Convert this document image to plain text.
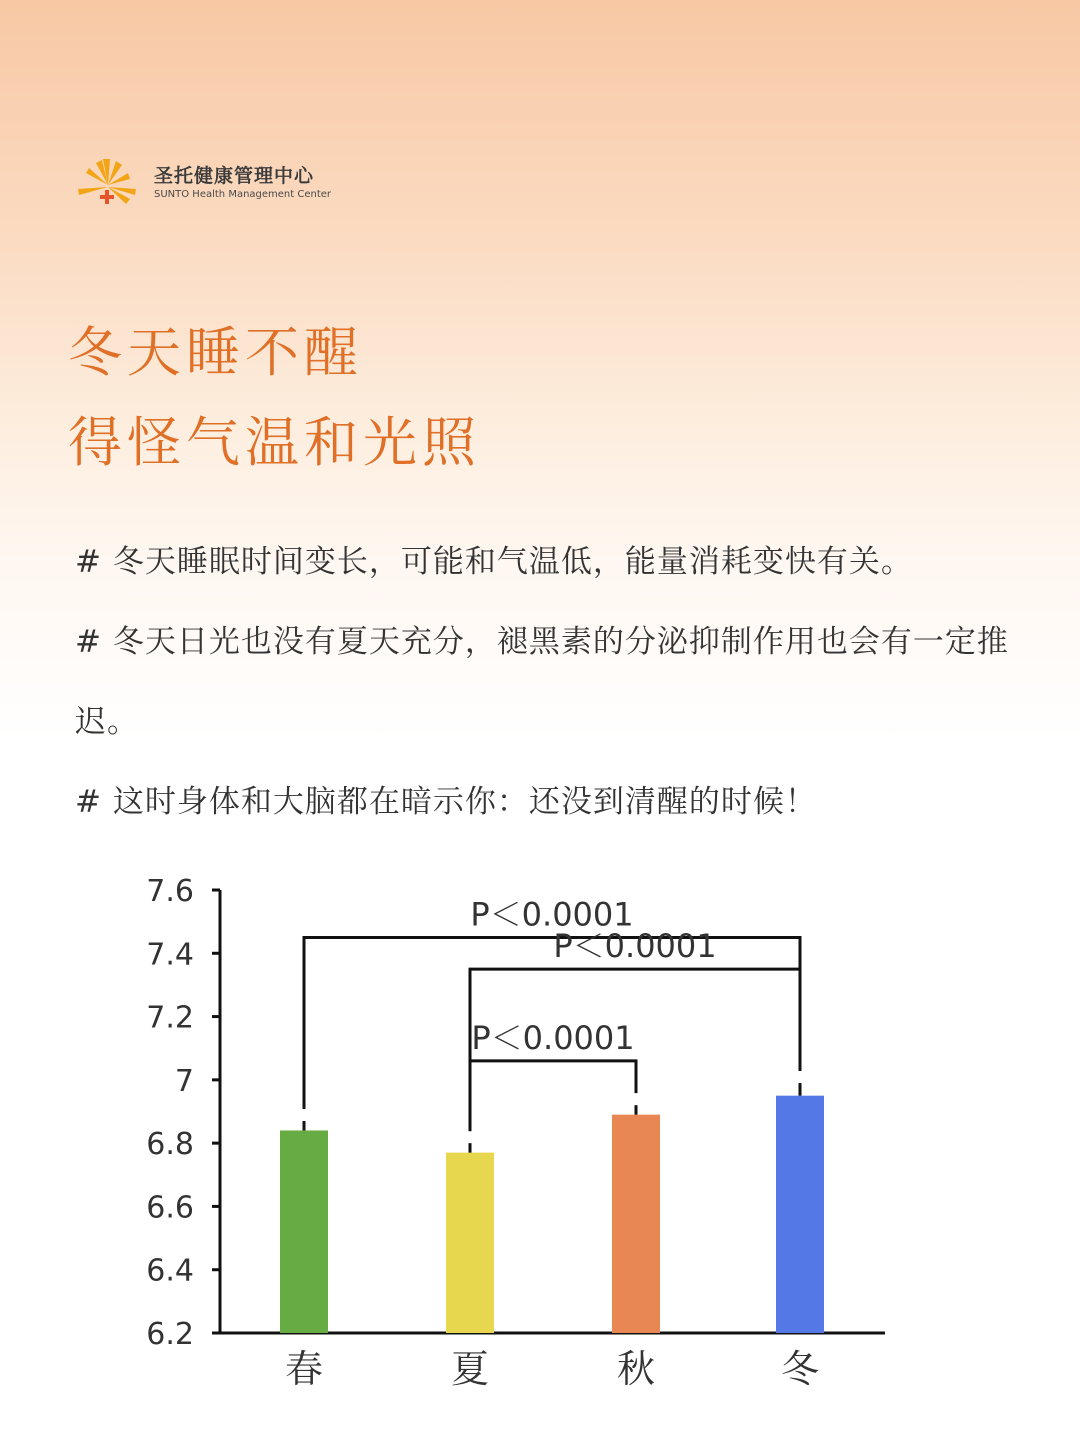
圣托健康管理中心
SUNTO Health Management Center
冬天睡不醒
得怪气温和光照

# 冬天睡眠时间变长，可能和气温低，能量消耗变快有关。

# 冬天日光也没有夏天充分，褪黑素的分泌抑制作用也会有一定推迟。

# 这时身体和大脑都在暗示你：还没到清醒的时候！

7.6
7.4
7.2
7
6.8
6.6
6.4
6.2
春	夏	秋	冬
P＜0.0001
P＜0.0001
P＜0.0001
